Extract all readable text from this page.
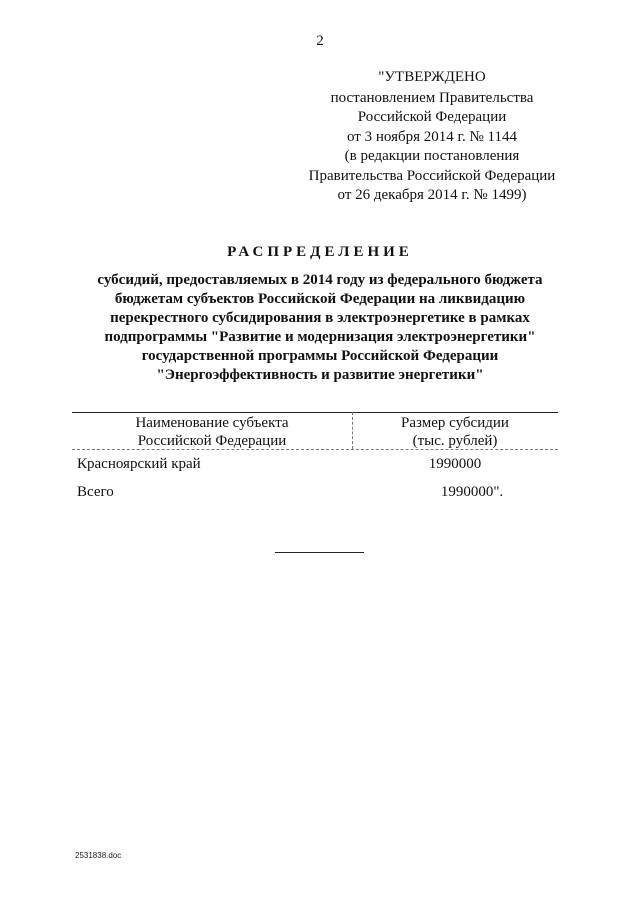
2
"УТВЕРЖДЕНО
постановлением Правительства
Российской Федерации
от 3 ноября 2014 г. № 1144
(в редакции постановления
Правительства Российской Федерации
от 26 декабря 2014 г. № 1499)
РАСПРЕДЕЛЕНИЕ
субсидий, предоставляемых в 2014 году из федерального бюджета
бюджетам субъектов Российской Федерации на ликвидацию
перекрестного субсидирования в электроэнергетике в рамках
подпрограммы "Развитие и модернизация электроэнергетики"
государственной программы Российской Федерации
"Энергоэффективность и развитие энергетики"
Наименование субъекта
Российской Федерации
Размер субсидии
(тыс. рублей)
Красноярский край	1990000
Всего	1990000".
2531838.doc
